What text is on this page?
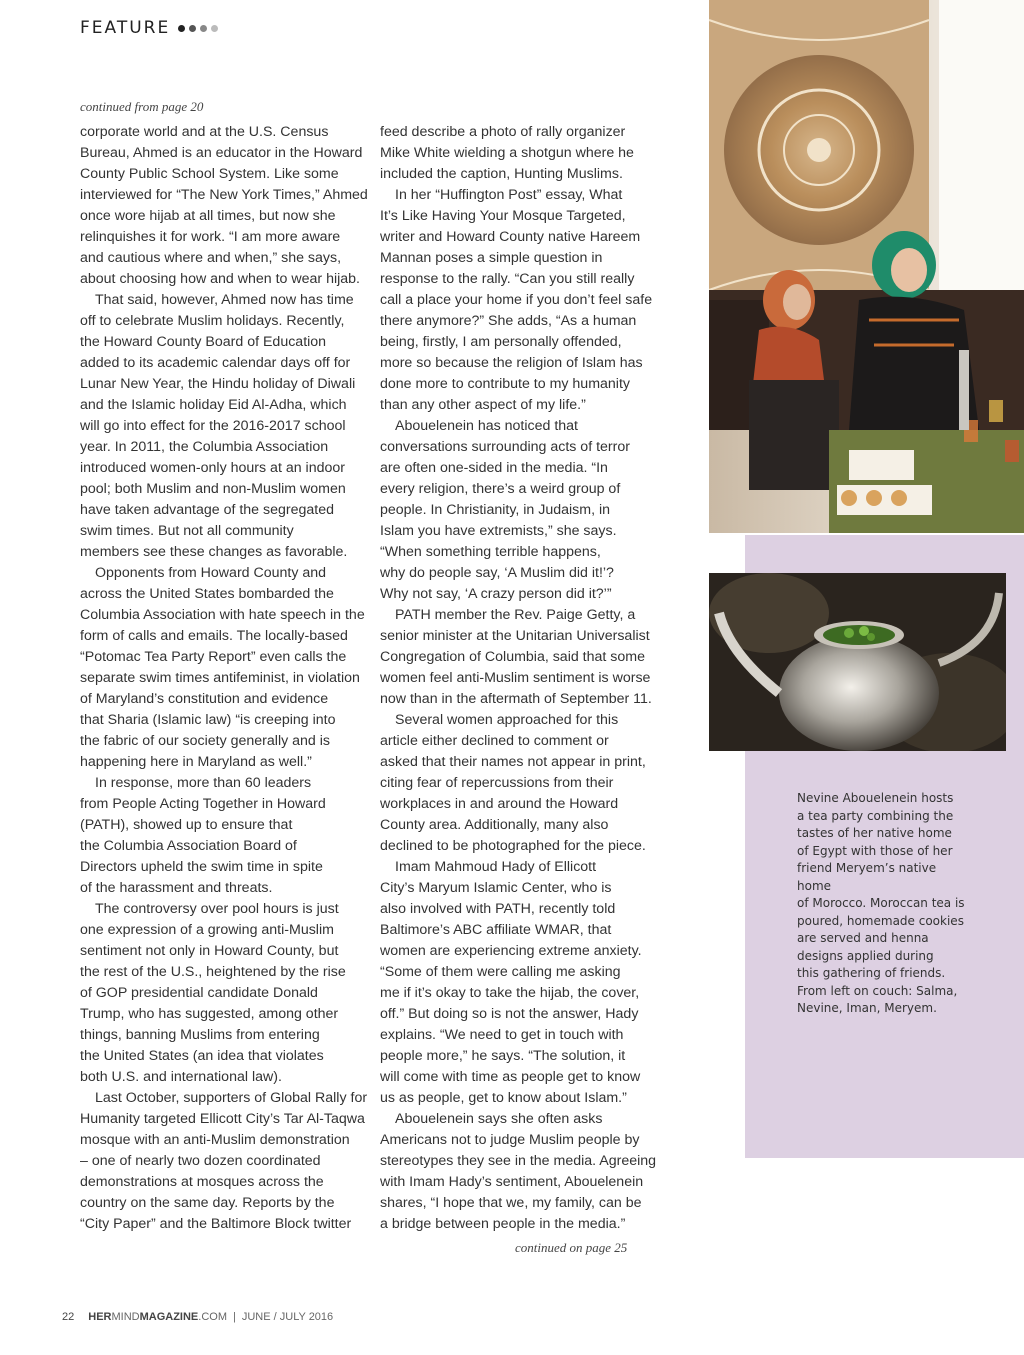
FEATURE
continued from page 20

corporate world and at the U.S. Census
Bureau, Ahmed is an educator in the Howard
County Public School System. Like some
interviewed for “The New York Times,” Ahmed
once wore hijab at all times, but now she
relinquishes it for work. “I am more aware
and cautious where and when,” she says,
about choosing how and when to wear hijab.

That said, however, Ahmed now has time
off to celebrate Muslim holidays. Recently,
the Howard County Board of Education
added to its academic calendar days off for
Lunar New Year, the Hindu holiday of Diwali
and the Islamic holiday Eid Al-Adha, which
will go into effect for the 2016-2017 school
year. In 2011, the Columbia Association
introduced women-only hours at an indoor
pool; both Muslim and non-Muslim women
have taken advantage of the segregated
swim times. But not all community
members see these changes as favorable.

Opponents from Howard County and
across the United States bombarded the
Columbia Association with hate speech in the
form of calls and emails. The locally-based
“Potomac Tea Party Report” even calls the
separate swim times antifeminist, in violation
of Maryland’s constitution and evidence
that Sharia (Islamic law) “is creeping into
the fabric of our society generally and is
happening here in Maryland as well.”

In response, more than 60 leaders
from People Acting Together in Howard
(PATH), showed up to ensure that
the Columbia Association Board of
Directors upheld the swim time in spite
of the harassment and threats.

The controversy over pool hours is just
one expression of a growing anti-Muslim
sentiment not only in Howard County, but
the rest of the U.S., heightened by the rise
of GOP presidential candidate Donald
Trump, who has suggested, among other
things, banning Muslims from entering
the United States (an idea that violates
both U.S. and international law).

Last October, supporters of Global Rally for
Humanity targeted Ellicott City’s Tar Al-Taqwa
mosque with an anti-Muslim demonstration
– one of nearly two dozen coordinated
demonstrations at mosques across the
country on the same day. Reports by the
“City Paper” and the Baltimore Block twitter

feed describe a photo of rally organizer
Mike White wielding a shotgun where he
included the caption, Hunting Muslims.

In her “Huffington Post” essay, What
It’s Like Having Your Mosque Targeted,
writer and Howard County native Hareem
Mannan poses a simple question in
response to the rally. “Can you still really
call a place your home if you don’t feel safe
there anymore?” She adds, “As a human
being, firstly, I am personally offended,
more so because the religion of Islam has
done more to contribute to my humanity
than any other aspect of my life.”

Abouelenein has noticed that
conversations surrounding acts of terror
are often one-sided in the media. “In
every religion, there’s a weird group of
people. In Christianity, in Judaism, in
Islam you have extremists,” she says.
“When something terrible happens,
why do people say, ‘A Muslim did it!’?
Why not say, ‘A crazy person did it?’”

PATH member the Rev. Paige Getty, a
senior minister at the Unitarian Universalist
Congregation of Columbia, said that some
women feel anti-Muslim sentiment is worse
now than in the aftermath of September 11.

Several women approached for this
article either declined to comment or
asked that their names not appear in print,
citing fear of repercussions from their
workplaces in and around the Howard
County area. Additionally, many also
declined to be photographed for the piece.

Imam Mahmoud Hady of Ellicott
City’s Maryum Islamic Center, who is
also involved with PATH, recently told
Baltimore’s ABC affiliate WMAR, that
women are experiencing extreme anxiety.
“Some of them were calling me asking
me if it’s okay to take the hijab, the cover,
off.” But doing so is not the answer, Hady
explains. “We need to get in touch with
people more,” he says. “The solution, it
will come with time as people get to know
us as people, get to know about Islam.”

Abouelenein says she often asks
Americans not to judge Muslim people by
stereotypes they see in the media. Agreeing
with Imam Hady’s sentiment, Abouelenein
shares, “I hope that we, my family, can be
a bridge between people in the media.”

continued on page 25
Nevine Abouelenein hosts
a tea party combining the
tastes of her native home
of Egypt with those of her
friend Meryem’s native home
of Morocco. Moroccan tea is
poured, homemade cookies
are served and henna
designs applied during
this gathering of friends.
From left on couch: Salma,
Nevine, Iman, Meryem.
22 HERMINDMAGAZINE.COM | JUNE / JULY 2016
